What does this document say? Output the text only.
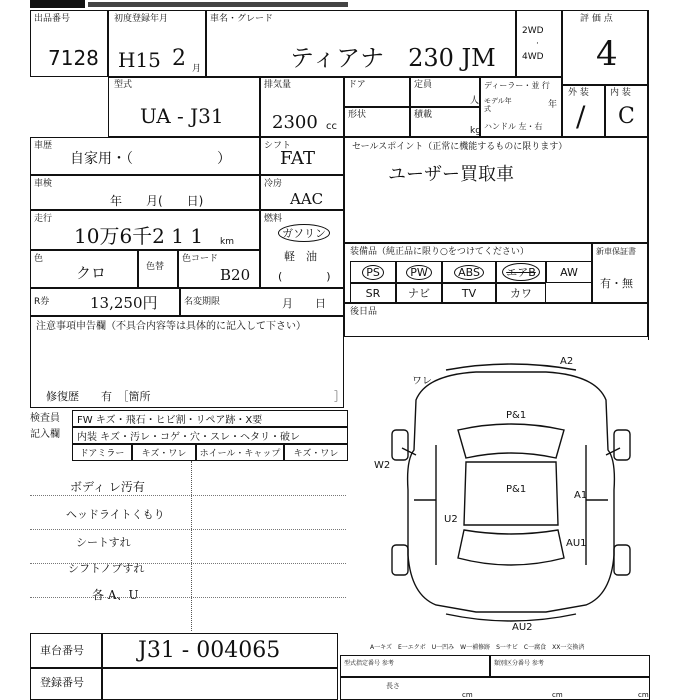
出品番号
7128
初度登録年月
H15 2 月
車名・グレード
ティアナ　230 JM
2WD
·
4WD
評 価 点
4
型式
UA - J31
排気量
2300 cc
ドア	定員
人
形状	積載
kg
ディーラー・並 行
モデル年式	年
ハンドル 左・右
外 装
/
内 装
C
車歴
自家用・（　　　　　　）
シフト
FAT
車検
年　　月(　　日)
冷房
AAC
走行
10万6千2 1 1 km
燃料
ガソリン
軽　油
(　　　　)
色
クロ	色替
色コード
B20
R券	13,250円	名変期限	月　　日
セールスポイント（正常に機能するものに限ります）
ユーザー買取車
装備品（純正品に限り○をつけてください）
PS	PW	ABS	エアB	AW
SR	ナビ	TV	カワ
新車保証書
有・無
後日品
注意事項申告欄（不具合内容等は具体的に記入して下さい）
修復歴　　有　［箇所	］
検査員
記入欄
FW キズ・飛石・ヒビ割・リペア跡・X要
内装 キズ・汚レ・コゲ・穴・スレ・ヘタリ・破レ
ドアミラー キズ・ワレ ホイール・キャップ キズ・ワレ
ボディ レ汚有
ヘッドライトくもり
シートすれ
シフトノブすれ
各 A、U
ワレ
A2
P&1
W2
P&1
A1
U2
AU1
AU2
A一キズ　E一エクボ　U一凹み　W一補修跡　S一サビ　C一腐食　XX一交換済
車台番号 J31 - 004065
登録番号
型式指定番号 参考	類別区分番号 参考
長さ
cm	cm	cm
